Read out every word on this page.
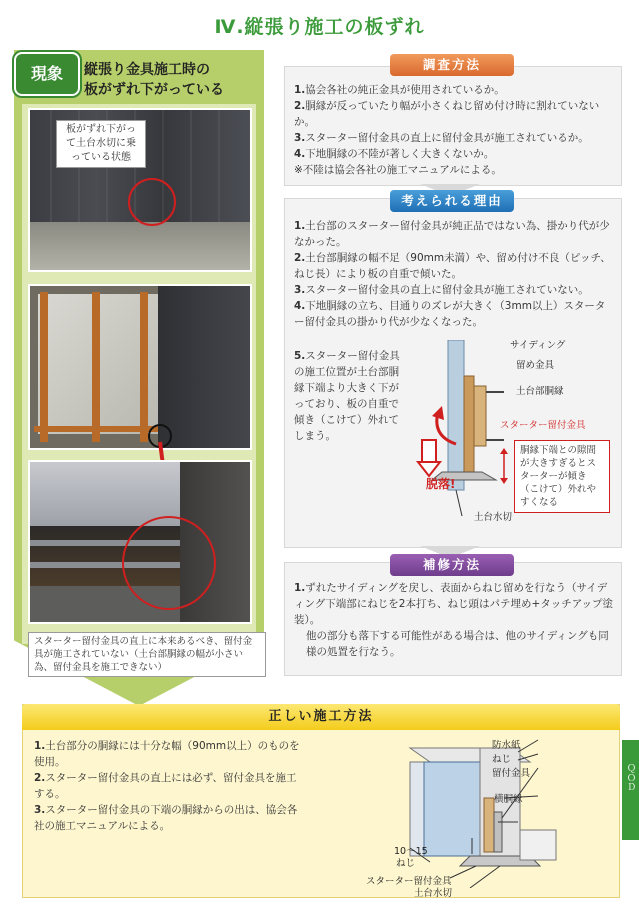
Ⅳ.縦張り施工の板ずれ
現象	縦張り金具施工時の
板がずれ下がっている
板がずれ下がって土台水切に乗っている状態
スターター留付金具の直上に本来あるべき、留付金具が施工されていない（土台部胴縁の幅が小さい為、留付金具を施工できない）
調査方法
1.協会各社の純正金具が使用されているか。
2.胴縁が反っていたり幅が小さくねじ留め付け時に割れていないか。
3.スターター留付金具の直上に留付金具が施工されているか。
4.下地胴縁の不陸が著しく大きくないか。
※不陸は協会各社の施工マニュアルによる。
考えられる理由
1.土台部のスターター留付金具が純正品ではない為、掛かり代が少なかった。
2.土台部胴縁の幅不足（90mm未満）や、留め付け不良（ピッチ、ねじ長）により板の自重で傾いた。
3.スターター留付金具の直上に留付金具が施工されていない。
4.下地胴縁の立ち、目通りのズレが大きく（3mm以上）スターター留付金具の掛かり代が少なくなった。
5.スターター留付金具の施工位置が土台部胴縁下端より大きく下がっており、板の自重で傾き（こけて）外れてしまう。
サイディング
留め金具
土台部胴縁
スターター留付金具
脱落!
土台水切
胴縁下端との隙間が大きすぎるとスターターが傾き（こけて）外れやすくなる
補修方法
1.ずれたサイディングを戻し、表面からねじ留めを行なう（サイディング下端部にねじを2本打ち、ねじ頭はパテ埋め+タッチアップ塗装）。
他の部分も落下する可能性がある場合は、他のサイディングも同様の処置を行なう。
正しい施工方法
1.土台部分の胴縁には十分な幅（90mm以上）のものを使用。
2.スターター留付金具の直上には必ず、留付金具を施工する。
3.スターター留付金具の下端の胴縁からの出は、協会各社の施工マニュアルによる。
防水紙
ねじ
留付金具
横胴縁
10～15
ねじ
スターター留付金具
土台水切
ＱＯＤ
